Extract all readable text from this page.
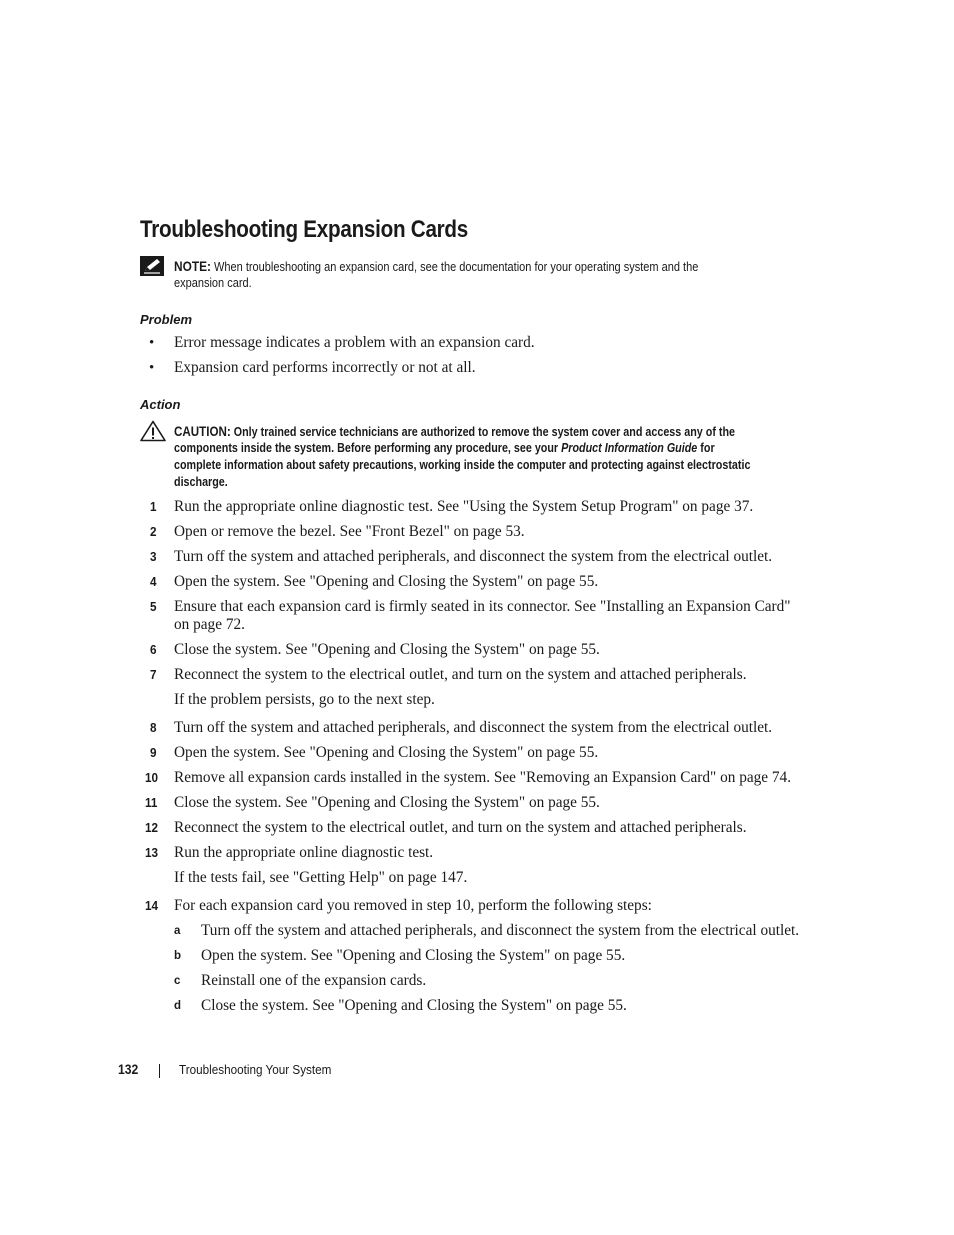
Troubleshooting Expansion Cards
NOTE: When troubleshooting an expansion card, see the documentation for your operating system and the
expansion card.
Problem
• Error message indicates a problem with an expansion card.
• Expansion card performs incorrectly or not at all.
Action
CAUTION: Only trained service technicians are authorized to remove the system cover and access any of the
components inside the system. Before performing any procedure, see your Product Information Guide for
complete information about safety precautions, working inside the computer and protecting against electrostatic
discharge.
1 Run the appropriate online diagnostic test. See "Using the System Setup Program" on page 37.
2 Open or remove the bezel. See "Front Bezel" on page 53.
3 Turn off the system and attached peripherals, and disconnect the system from the electrical outlet.
4 Open the system. See "Opening and Closing the System" on page 55.
5 Ensure that each expansion card is firmly seated in its connector. See "Installing an Expansion Card"
on page 72.
6 Close the system. See "Opening and Closing the System" on page 55.
7 Reconnect the system to the electrical outlet, and turn on the system and attached peripherals.
If the problem persists, go to the next step.
8 Turn off the system and attached peripherals, and disconnect the system from the electrical outlet.
9 Open the system. See "Opening and Closing the System" on page 55.
10 Remove all expansion cards installed in the system. See "Removing an Expansion Card" on page 74.
11 Close the system. See "Opening and Closing the System" on page 55.
12 Reconnect the system to the electrical outlet, and turn on the system and attached peripherals.
13 Run the appropriate online diagnostic test.
If the tests fail, see "Getting Help" on page 147.
14 For each expansion card you removed in step 10, perform the following steps:
a Turn off the system and attached peripherals, and disconnect the system from the electrical outlet.
b Open the system. See "Opening and Closing the System" on page 55.
c Reinstall one of the expansion cards.
d Close the system. See "Opening and Closing the System" on page 55.
132	Troubleshooting Your System
